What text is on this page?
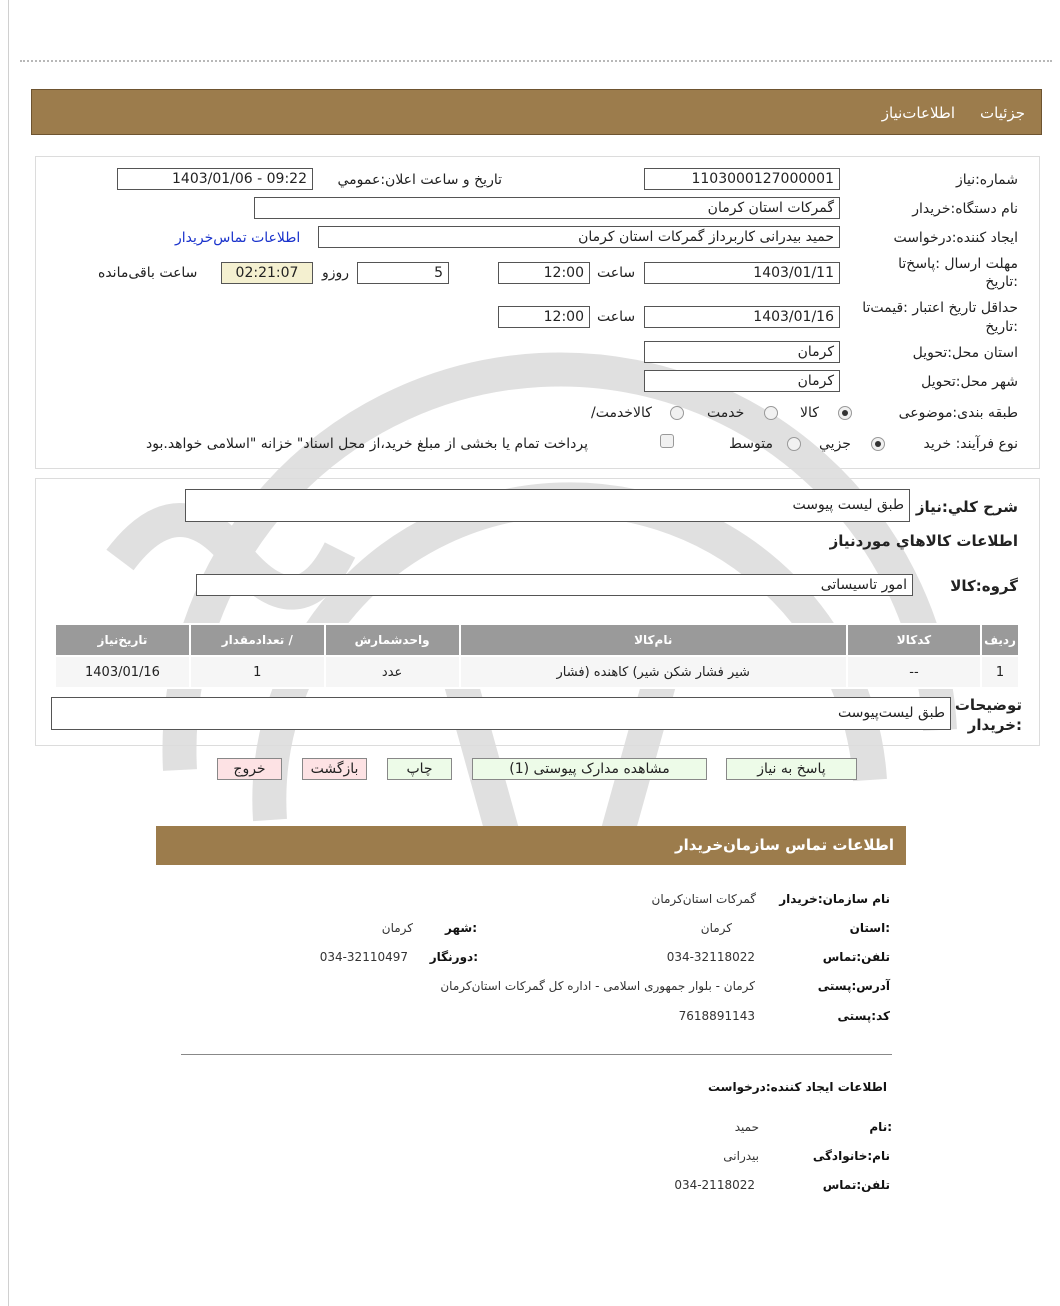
جزئیات
اطلاعات‌نیاز
شماره:نیاز
1103000127000001
تاریخ و ساعت اعلان:عمومي
1403/01/06 - 09:22
نام دستگاه:خریدار
گمرکات استان کرمان
ایجاد کننده:درخواست
حمید بیدرانی کاربرداز گمرکات استان کرمان
اطلاعات تماس‌خریدار
مهلت ارسال :پاسخ‌تا
:تاریخ
1403/01/11
ساعت
12:00
5
روزو
02:21:07
ساعت باقی‌مانده
حداقل تاریخ اعتبار :قیمت‌تا
:تاریخ
1403/01/16
ساعت
12:00
استان محل:تحویل
کرمان
شهر محل:تحویل
کرمان
طبقه بندی:موضوعی
کالا
خدمت
کالاخدمت/
نوع فرآیند: خرید
جزیي
متوسط
پرداخت تمام یا بخشی از مبلغ خرید،از محل اسناد" خزانه "اسلامی خواهد.بود
شرح کلي:نیاز
طبق لیست پیوست
اطلاعات کالاهاي موردنیاز
گروه:کالا
امور تاسیساتی
ردیف	کدکالا	نام‌کالا	واحدشمارش	/ تعدادمقدار	تاریخ‌نیاز
1	--	شیر فشار شکن شیر) کاهنده (فشار	عدد	1	1403/01/16
توضیحات
:خریدار
طبق لیست‌پیوست
پاسخ به نیاز
مشاهده مدارک پیوستی (1)
چاپ
بازگشت
خروج
اطلاعات تماس سازمان‌خریدار
نام سازمان:خریدار
گمرکات استان‌کرمان
:استان
کرمان
:شهر
کرمان
تلفن:تماس
034-32118022
:دورنگار
034-32110497
آدرس:پستی
کرمان - بلوار جمهوری اسلامی - اداره کل گمرکات استان‌کرمان
کد:پستی
7618891143
اطلاعات ایجاد کننده:درخواست
:نام
حمید
نام:خانوادگی
بیدرانی
تلفن:تماس
034-2118022
